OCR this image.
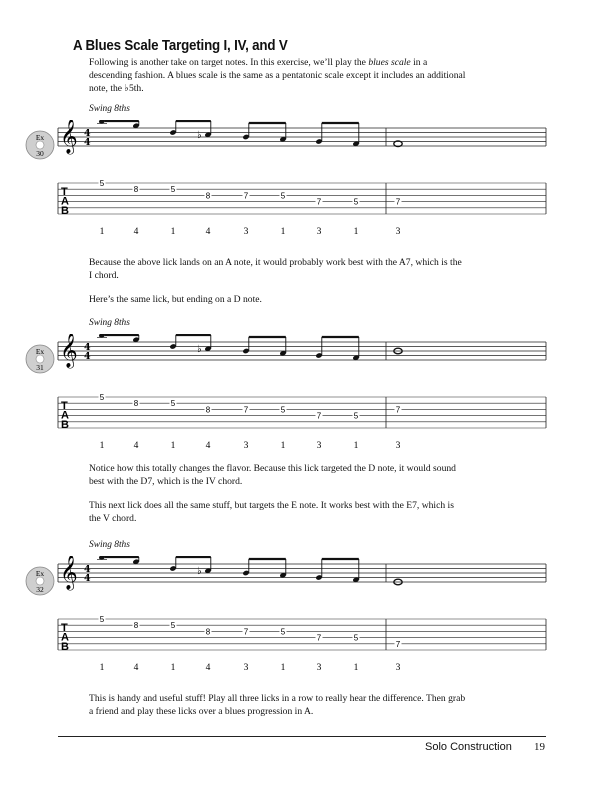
A Blues Scale Targeting I, IV, and V
Following is another take on target notes. In this exercise, we’ll play the blues scale in a
descending fashion. A blues scale is the same as a pentatonic scale except it includes an additional
note, the ♭5th.
Swing 8ths
Ex
30 𝄞 4
4
♭
T
A
B
5
8	5
8	7	5
7	5	7
1	4	1	4	3	1	3	1	3
Because the above lick lands on an A note, it would probably work best with the A7, which is the
I chord.
Here’s the same lick, but ending on a D note.
Swing 8ths
Ex
31 𝄞 4
4
♭
T
A
B
5
8	5
8	7	5
7	5
7
1	4	1	4	3	1	3	1	3
Notice how this totally changes the flavor. Because this lick targeted the D note, it would sound
best with the D7, which is the IV chord.
This next lick does all the same stuff, but targets the E note. It works best with the E7, which is
the V chord.
Swing 8ths
Ex
32 𝄞 4
4
♭
T
A
B
5
8	5
8	7	5
7	5
7
1	4	1	4	3	1	3	1	3
This is handy and useful stuff! Play all three licks in a row to really hear the difference. Then grab
a friend and play these licks over a blues progression in A.
Solo Construction 19
